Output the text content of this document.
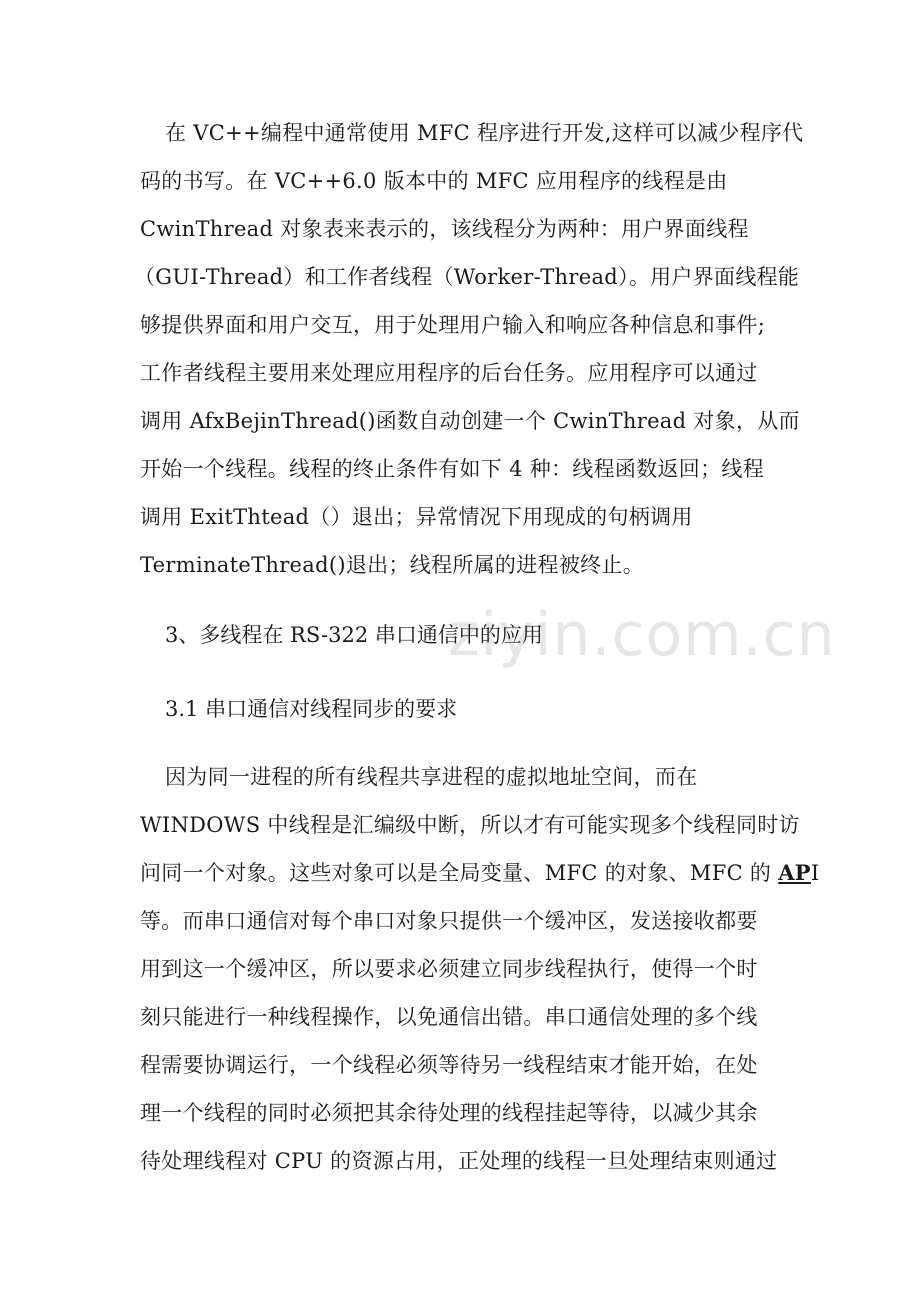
ziyin.com.cn
在 VC++编程中通常使用 MFC 程序进行开发,这样可以减少程序代
码的书写。在 VC++6.0 版本中的 MFC 应用程序的线程是由
CwinThread 对象表来表示的，该线程分为两种：用户界面线程
（GUI-Thread）和工作者线程（Worker-Thread）。用户界面线程能
够提供界面和用户交互，用于处理用户输入和响应各种信息和事件;
工作者线程主要用来处理应用程序的后台任务。应用程序可以通过
调用 AfxBejinThread()函数自动创建一个 CwinThread 对象，从而
开始一个线程。线程的终止条件有如下 4 种：线程函数返回；线程
调用 ExitThtead（）退出；异常情况下用现成的句柄调用
TerminateThread()退出；线程所属的进程被终止。
3、多线程在 RS-322 串口通信中的应用
3.1 串口通信对线程同步的要求
因为同一进程的所有线程共享进程的虚拟地址空间，而在
WINDOWS 中线程是汇编级中断，所以才有可能实现多个线程同时访
问同一个对象。这些对象可以是全局变量、MFC 的对象、MFC 的 API
等。而串口通信对每个串口对象只提供一个缓冲区，发送接收都要
用到这一个缓冲区，所以要求必须建立同步线程执行，使得一个时
刻只能进行一种线程操作，以免通信出错。串口通信处理的多个线
程需要协调运行，一个线程必须等待另一线程结束才能开始，在处
理一个线程的同时必须把其余待处理的线程挂起等待，以减少其余
待处理线程对 CPU 的资源占用，正处理的线程一旦处理结束则通过
